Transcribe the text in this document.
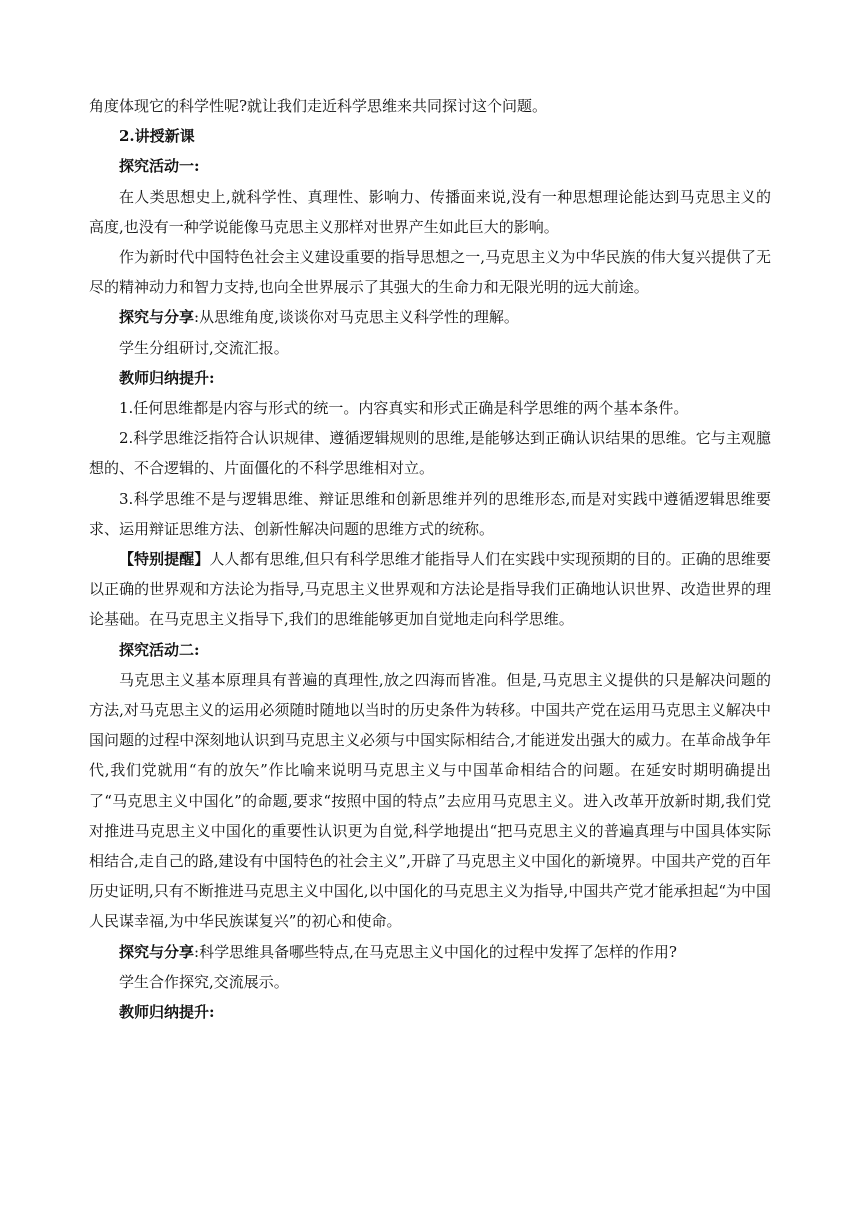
角度体现它的科学性呢?就让我们走近科学思维来共同探讨这个问题。

2.讲授新课

探究活动一:

在人类思想史上,就科学性、真理性、影响力、传播面来说,没有一种思想理论能达到马克思主义的高度,也没有一种学说能像马克思主义那样对世界产生如此巨大的影响。

作为新时代中国特色社会主义建设重要的指导思想之一,马克思主义为中华民族的伟大复兴提供了无尽的精神动力和智力支持,也向全世界展示了其强大的生命力和无限光明的远大前途。

探究与分享:从思维角度,谈谈你对马克思主义科学性的理解。

学生分组研讨,交流汇报。

教师归纳提升:

1.任何思维都是内容与形式的统一。内容真实和形式正确是科学思维的两个基本条件。

2.科学思维泛指符合认识规律、遵循逻辑规则的思维,是能够达到正确认识结果的思维。它与主观臆想的、不合逻辑的、片面僵化的不科学思维相对立。

3.科学思维不是与逻辑思维、辩证思维和创新思维并列的思维形态,而是对实践中遵循逻辑思维要求、运用辩证思维方法、创新性解决问题的思维方式的统称。

【特别提醒】人人都有思维,但只有科学思维才能指导人们在实践中实现预期的目的。正确的思维要以正确的世界观和方法论为指导,马克思主义世界观和方法论是指导我们正确地认识世界、改造世界的理论基础。在马克思主义指导下,我们的思维能够更加自觉地走向科学思维。

探究活动二:

马克思主义基本原理具有普遍的真理性,放之四海而皆准。但是,马克思主义提供的只是解决问题的方法,对马克思主义的运用必须随时随地以当时的历史条件为转移。中国共产党在运用马克思主义解决中国问题的过程中深刻地认识到马克思主义必须与中国实际相结合,才能迸发出强大的威力。在革命战争年代,我们党就用“有的放矢”作比喻来说明马克思主义与中国革命相结合的问题。在延安时期明确提出了“马克思主义中国化”的命题,要求“按照中国的特点”去应用马克思主义。进入改革开放新时期,我们党对推进马克思主义中国化的重要性认识更为自觉,科学地提出“把马克思主义的普遍真理与中国具体实际相结合,走自己的路,建设有中国特色的社会主义”,开辟了马克思主义中国化的新境界。中国共产党的百年历史证明,只有不断推进马克思主义中国化,以中国化的马克思主义为指导,中国共产党才能承担起“为中国人民谋幸福,为中华民族谋复兴”的初心和使命。

探究与分享:科学思维具备哪些特点,在马克思主义中国化的过程中发挥了怎样的作用?

学生合作探究,交流展示。

教师归纳提升:
